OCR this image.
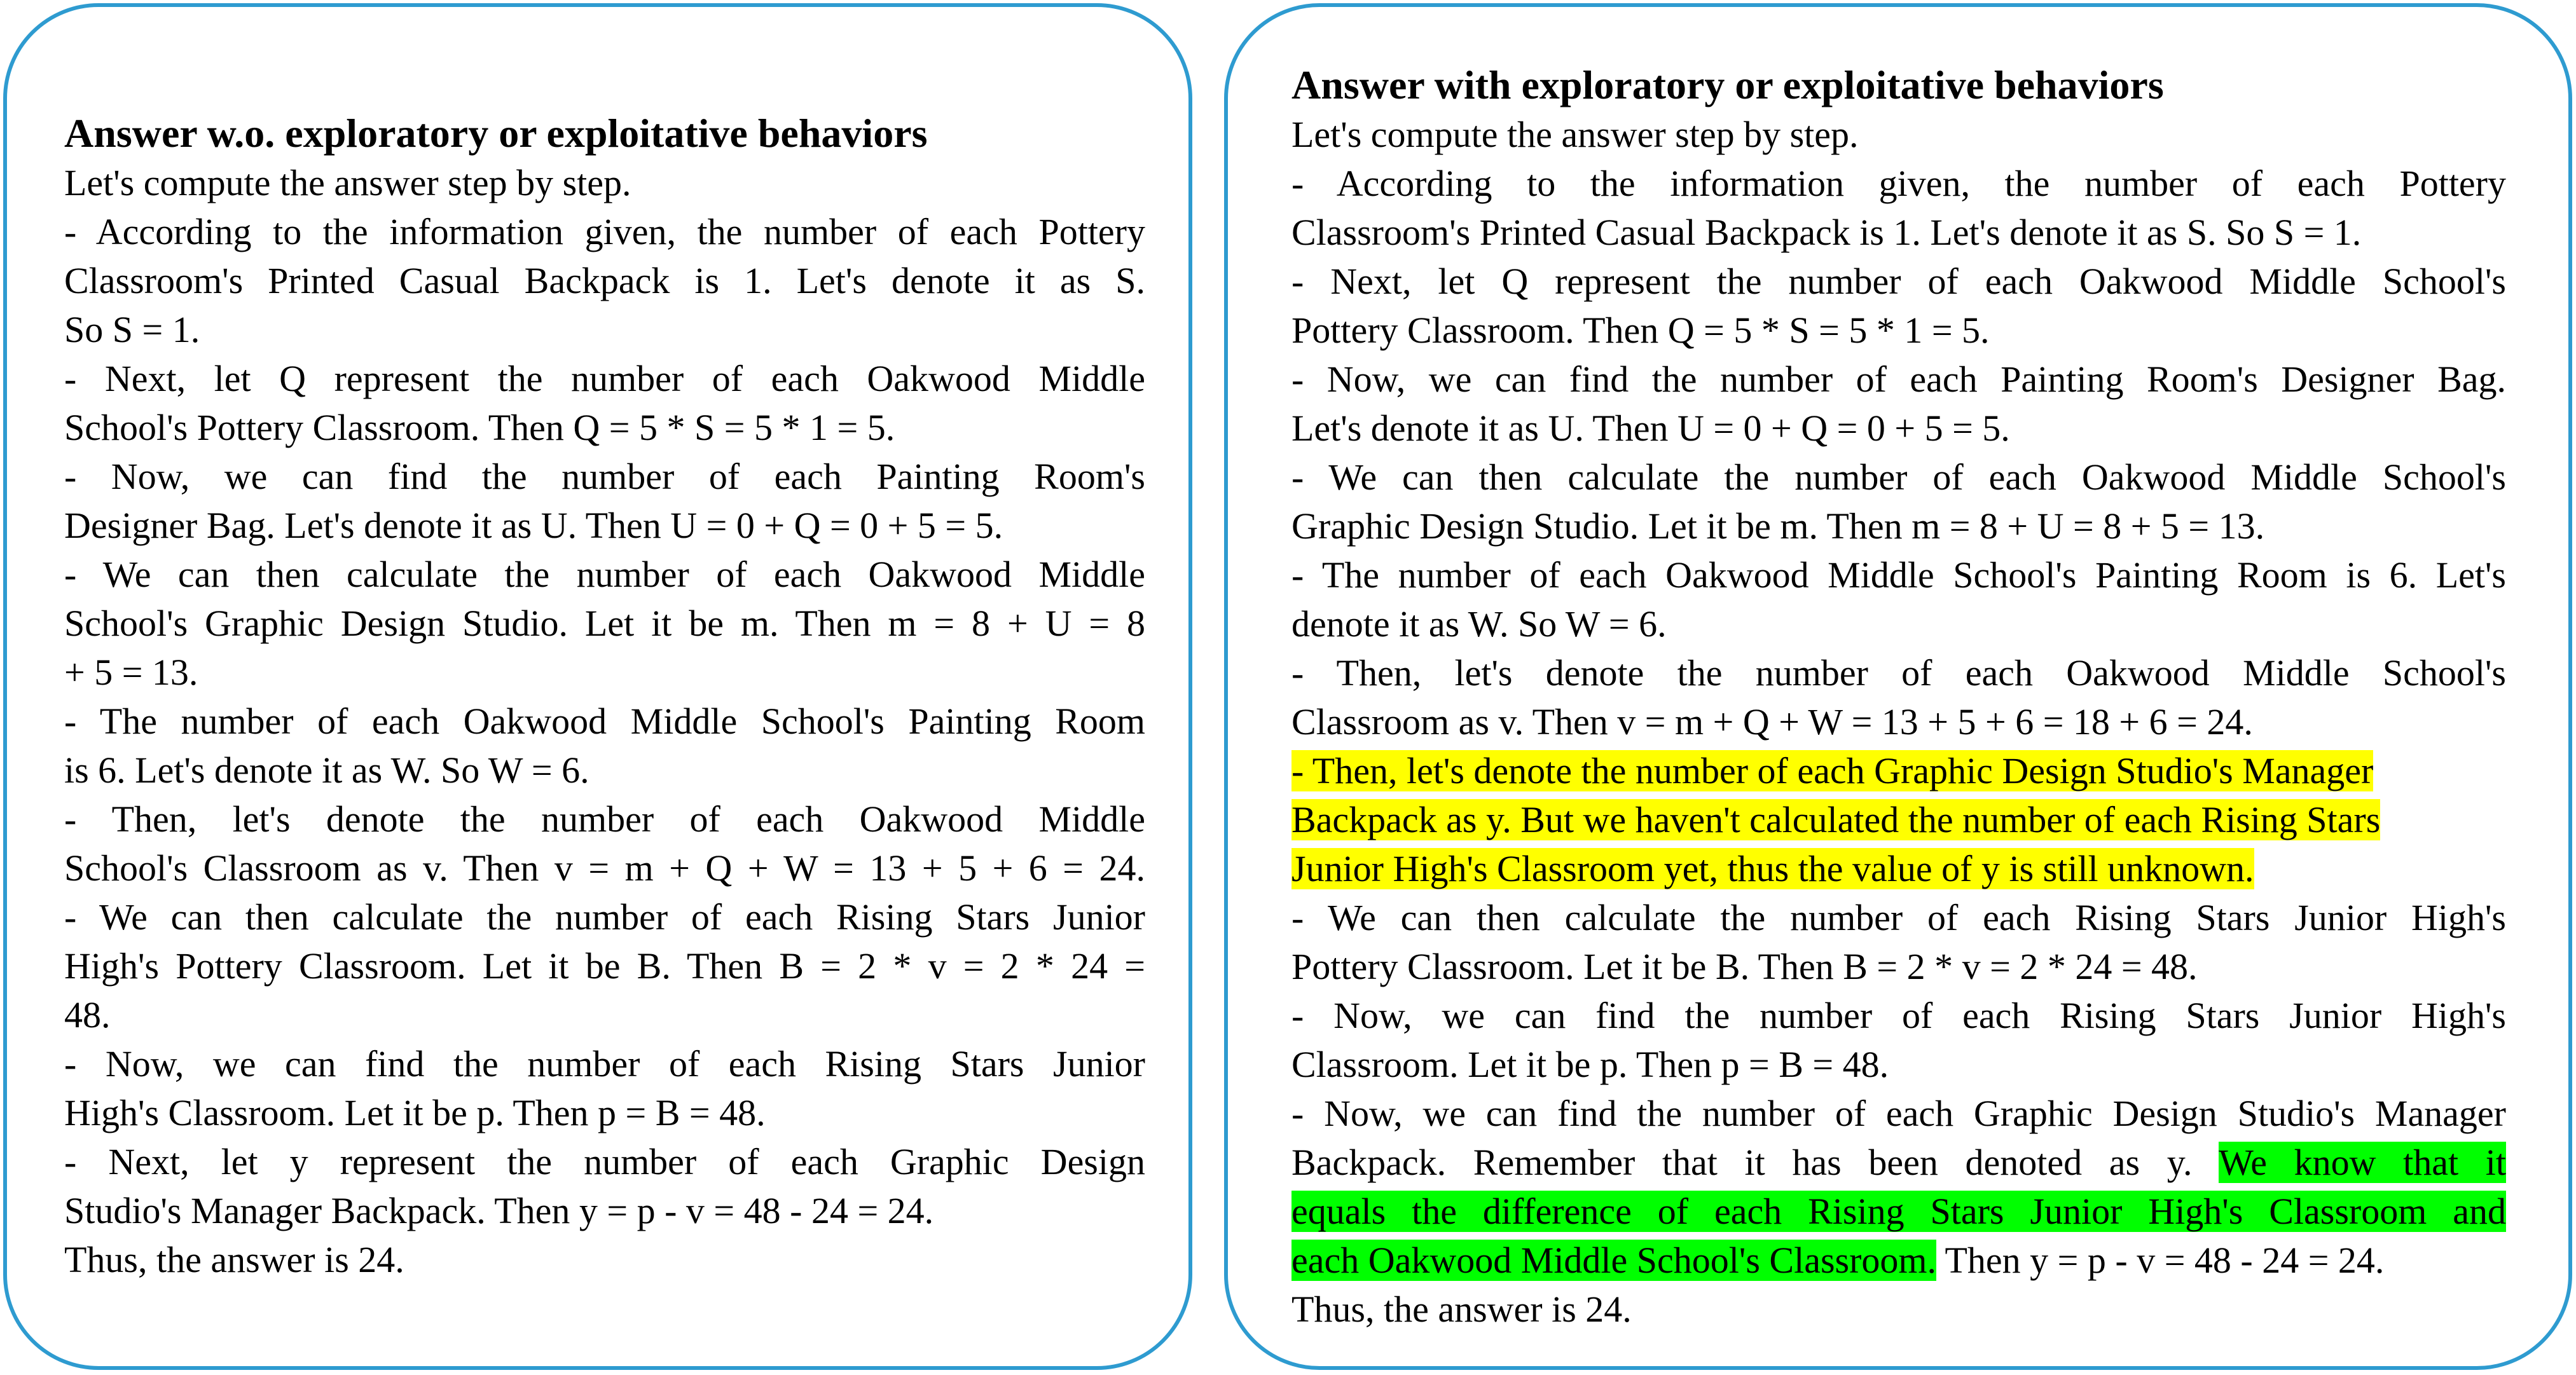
Answer w.o. exploratory or exploitative behaviors

Let's compute the answer step by step.

- According to the information given, the number of each Pottery

Classroom's Printed Casual Backpack is 1. Let's denote it as S.

So S = 1.

- Next, let Q represent the number of each Oakwood Middle

School's Pottery Classroom. Then Q = 5 * S = 5 * 1 = 5.

- Now, we can find the number of each Painting Room's

Designer Bag. Let's denote it as U. Then U = 0 + Q = 0 + 5 = 5.

- We can then calculate the number of each Oakwood Middle

School's Graphic Design Studio. Let it be m. Then m = 8 + U = 8

+ 5 = 13.

- The number of each Oakwood Middle School's Painting Room

is 6. Let's denote it as W. So W = 6.

- Then, let's denote the number of each Oakwood Middle

School's Classroom as v. Then v = m + Q + W = 13 + 5 + 6 = 24.

- We can then calculate the number of each Rising Stars Junior

High's Pottery Classroom. Let it be B. Then B = 2 * v = 2 * 24 =

48.

- Now, we can find the number of each Rising Stars Junior

High's Classroom. Let it be p. Then p = B = 48.

- Next, let y represent the number of each Graphic Design

Studio's Manager Backpack. Then y = p - v = 48 - 24 = 24.

Thus, the answer is 24.

Answer with exploratory or exploitative behaviors

Let's compute the answer step by step.

- According to the information given, the number of each Pottery

Classroom's Printed Casual Backpack is 1. Let's denote it as S. So S = 1.

- Next, let Q represent the number of each Oakwood Middle School's

Pottery Classroom. Then Q = 5 * S = 5 * 1 = 5.

- Now, we can find the number of each Painting Room's Designer Bag.

Let's denote it as U. Then U = 0 + Q = 0 + 5 = 5.

- We can then calculate the number of each Oakwood Middle School's

Graphic Design Studio. Let it be m. Then m = 8 + U = 8 + 5 = 13.

- The number of each Oakwood Middle School's Painting Room is 6. Let's

denote it as W. So W = 6.

- Then, let's denote the number of each Oakwood Middle School's

Classroom as v. Then v = m + Q + W = 13 + 5 + 6 = 18 + 6 = 24.

- Then, let's denote the number of each Graphic Design Studio's Manager

Backpack as y. But we haven't calculated the number of each Rising Stars

Junior High's Classroom yet, thus the value of y is still unknown.

- We can then calculate the number of each Rising Stars Junior High's

Pottery Classroom. Let it be B. Then B = 2 * v = 2 * 24 = 48.

- Now, we can find the number of each Rising Stars Junior High's

Classroom. Let it be p. Then p = B = 48.

- Now, we can find the number of each Graphic Design Studio's Manager

Backpack. Remember that it has been denoted as y. We know that it

equals the difference of each Rising Stars Junior High's Classroom and

each Oakwood Middle School's Classroom. Then y = p - v = 48 - 24 = 24.

Thus, the answer is 24.
